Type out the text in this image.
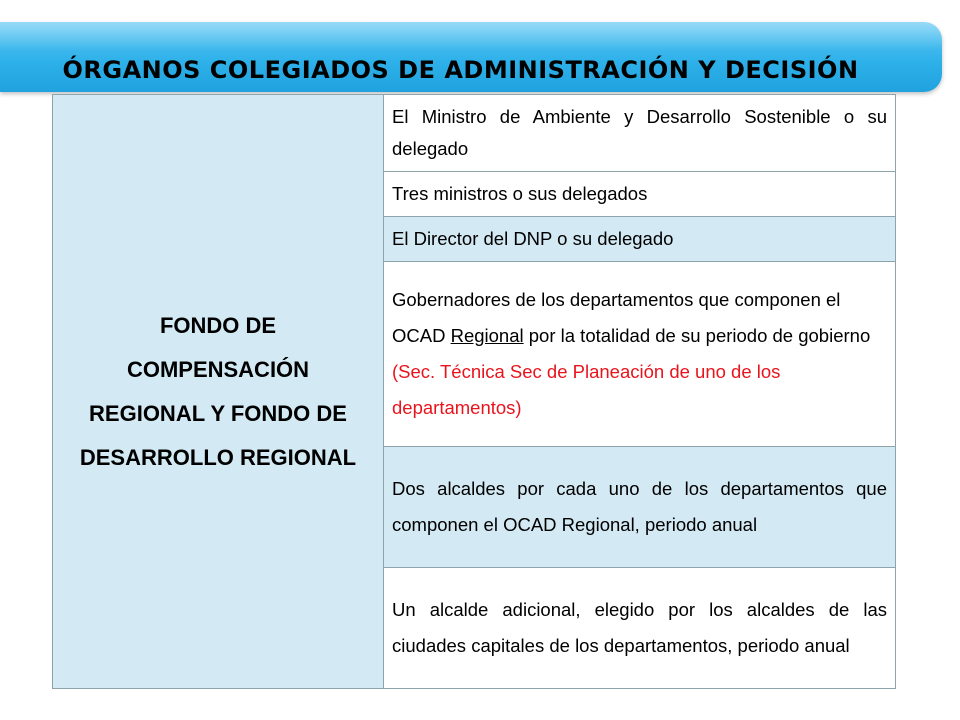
ÓRGANOS COLEGIADOS DE ADMINISTRACIÓN Y DECISIÓN
FONDO DE COMPENSACIÓN REGIONAL Y FONDO DE DESARROLLO REGIONAL	El Ministro de Ambiente y Desarrollo Sostenible o su delegado
Tres ministros o sus delegados
El Director del DNP o su delegado
Gobernadores de los departamentos que componen el OCAD Regional por la totalidad de su periodo de gobierno (Sec. Técnica Sec de Planeación de uno de los departamentos)
Dos alcaldes por cada uno de los departamentos que componen el OCAD Regional, periodo anual
Un alcalde adicional, elegido por los alcaldes de las ciudades capitales de los departamentos, periodo anual
